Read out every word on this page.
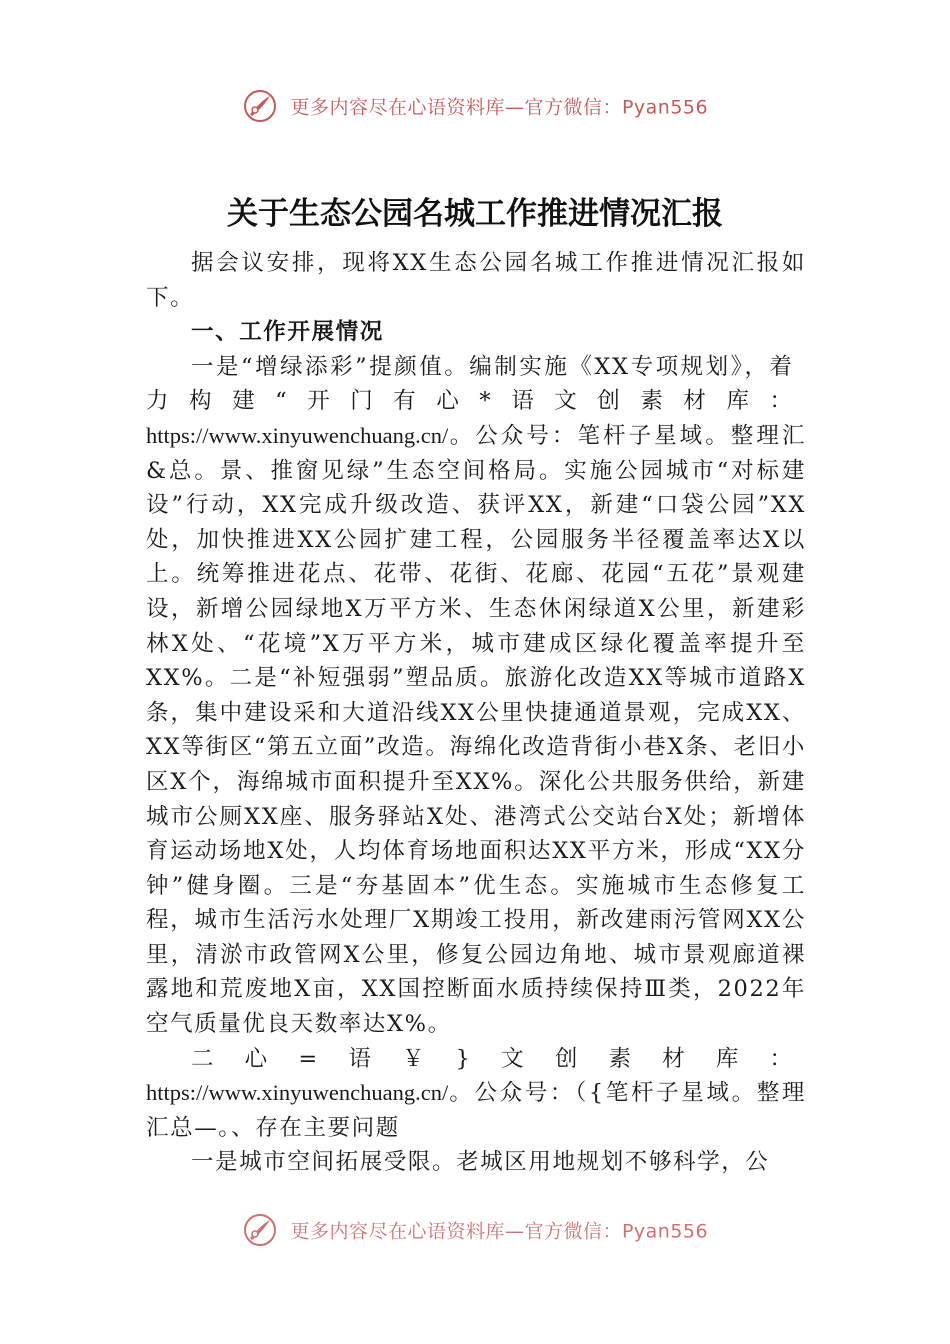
更多内容尽在心语资料库—官方微信：Pyan556
关于生态公园名城工作推进情况汇报

据会议安排，现将XX生态公园名城工作推进情况汇报如下。

一、工作开展情况

一是“增绿添彩”提颜值。编制实施《XX专项规划》，着力构建“开门有心*语文创素材库：https://www.xinyuwenchuang.cn/。公众号：笔杆子星域。整理汇&总。景、推窗见绿”生态空间格局。实施公园城市“对标建设”行动，XX完成升级改造、获评XX，新建“口袋公园”XX处，加快推进XX公园扩建工程，公园服务半径覆盖率达X以上。统筹推进花点、花带、花街、花廊、花园“五花”景观建设，新增公园绿地X万平方米、生态休闲绿道X公里，新建彩林X处、“花境”X万平方米，城市建成区绿化覆盖率提升至XX%。二是“补短强弱”塑品质。旅游化改造XX等城市道路X条，集中建设采和大道沿线XX公里快捷通道景观，完成XX、XX等街区“第五立面”改造。海绵化改造背街小巷X条、老旧小区X个，海绵城市面积提升至XX%。深化公共服务供给，新建城市公厕XX座、服务驿站X处、港湾式公交站台X处；新增体育运动场地X处，人均体育场地面积达XX平方米，形成“XX分钟”健身圈。三是“夯基固本”优生态。实施城市生态修复工程，城市生活污水处理厂X期竣工投用，新改建雨污管网XX公里，清淤市政管网X公里，修复公园边角地、城市景观廊道裸露地和荒废地X亩，XX国控断面水质持续保持Ⅲ类，2022年空气质量优良天数率达X%。

二心=语￥}文创素材库：https://www.xinyuwenchuang.cn/。公众号：（{笔杆子星域。整理汇总—。、存在主要问题

一是城市空间拓展受限。老城区用地规划不够科学，公

更多内容尽在心语资料库—官方微信：Pyan556
